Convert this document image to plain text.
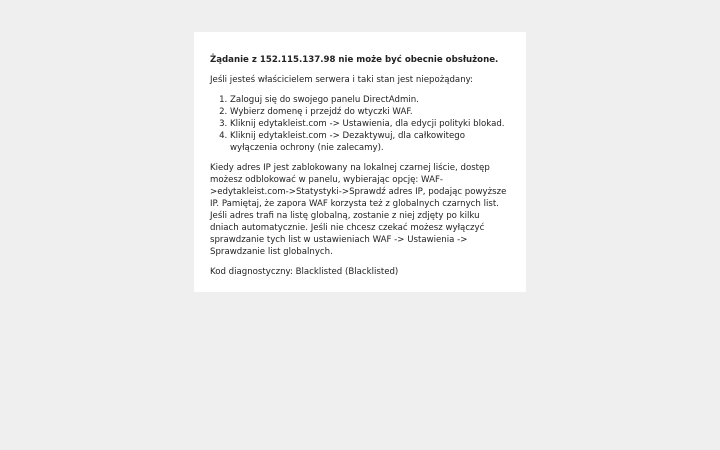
Żądanie z 152.115.137.98 nie może być obecnie obsłużone.

Jeśli jesteś właścicielem serwera i taki stan jest niepożądany:

1. Zaloguj się do swojego panelu DirectAdmin.
2. Wybierz domenę i przejdź do wtyczki WAF.
3. Kliknij edytakleist.com -> Ustawienia, dla edycji polityki blokad.
4. Kliknij edytakleist.com -> Dezaktywuj, dla całkowitego wyłączenia ochrony (nie zalecamy).

Kiedy adres IP jest zablokowany na lokalnej czarnej liście, dostęp możesz odblokować w panelu, wybierając opcję: WAF->edytakleist.com->Statystyki->Sprawdź adres IP, podając powyższe IP. Pamiętaj, że zapora WAF korzysta też z globalnych czarnych list. Jeśli adres trafi na listę globalną, zostanie z niej zdjęty po kilku dniach automatycznie. Jeśli nie chcesz czekać możesz wyłączyć sprawdzanie tych list w ustawieniach WAF -> Ustawienia -> Sprawdzanie list globalnych.

Kod diagnostyczny: Blacklisted (Blacklisted)
